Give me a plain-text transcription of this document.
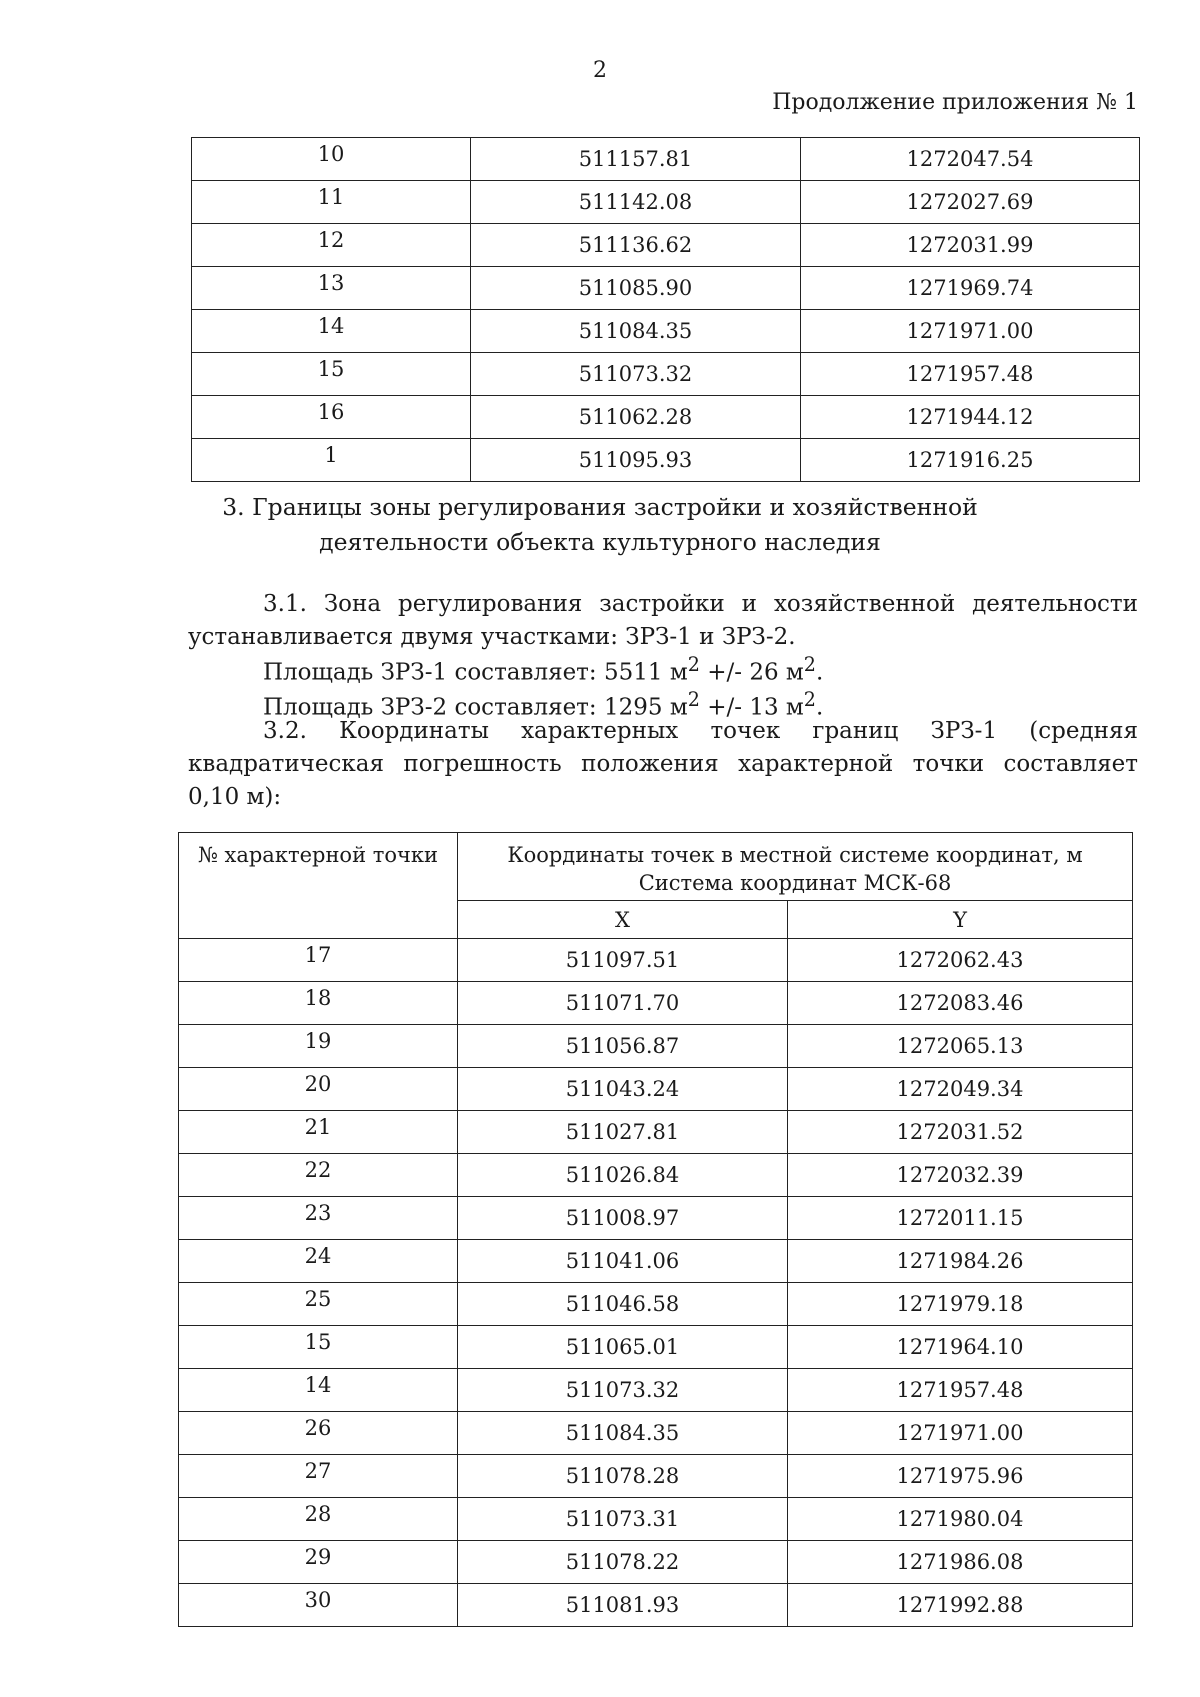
2
Продолжение приложения № 1
10	511157.81	1272047.54
11	511142.08	1272027.69
12	511136.62	1272031.99
13	511085.90	1271969.74
14	511084.35	1271971.00
15	511073.32	1271957.48
16	511062.28	1271944.12
1	511095.93	1271916.25
3. Границы зоны регулирования застройки и хозяйственной
деятельности объекта культурного наследия
3.1. Зона регулирования застройки и хозяйственной деятельности
устанавливается двумя участками: ЗРЗ-1 и ЗРЗ-2.
Площадь ЗРЗ-1 составляет: 5511 $м^2$ +/- 26 $м^2$.
Площадь ЗРЗ-2 составляет: 1295 $м^2$ +/- 13 $м^2$.
3.2. Координаты характерных точек границ ЗРЗ-1 (средняя
квадратическая погрешность положения характерной точки составляет
0,10 м):
№ характерной точки	Координаты точек в местной системе координат, м
Система координат МСК-68	

	X	Y
17	511097.51	1272062.43
18	511071.70	1272083.46
19	511056.87	1272065.13
20	511043.24	1272049.34
21	511027.81	1272031.52
22	511026.84	1272032.39
23	511008.97	1272011.15
24	511041.06	1271984.26
25	511046.58	1271979.18
15	511065.01	1271964.10
14	511073.32	1271957.48
26	511084.35	1271971.00
27	511078.28	1271975.96
28	511073.31	1271980.04
29	511078.22	1271986.08
30	511081.93	1271992.88
